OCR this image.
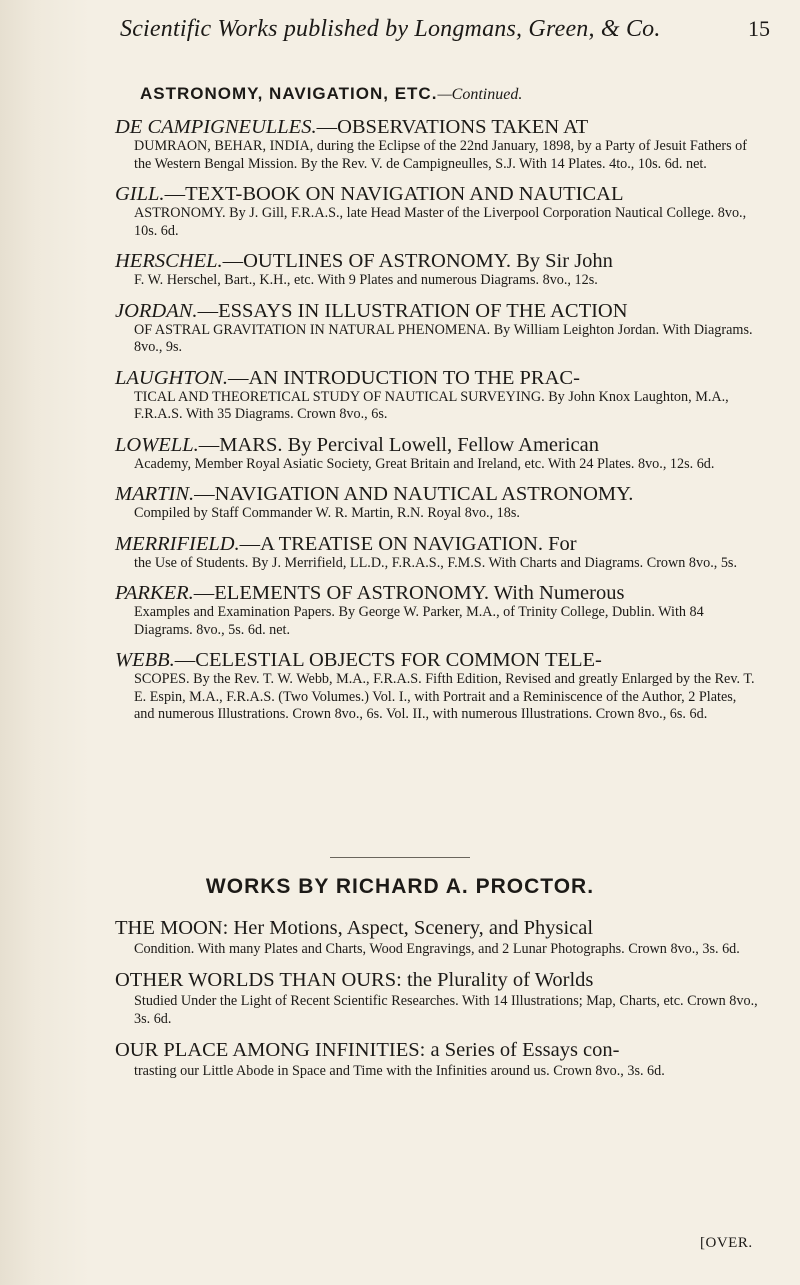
Scientific Works published by Longmans, Green, & Co.	15
ASTRONOMY, NAVIGATION, ETC.—Continued.
DE CAMPIGNEULLES.—OBSERVATIONS TAKEN AT
DUMRAON, BEHAR, INDIA, during the Eclipse of the 22nd January, 1898, by a Party of Jesuit Fathers of the Western Bengal Mission. By the Rev. V. de Campigneulles, S.J. With 14 Plates. 4to., 10s. 6d. net.
GILL.—TEXT-BOOK ON NAVIGATION AND NAUTICAL
ASTRONOMY. By J. Gill, F.R.A.S., late Head Master of the Liverpool Corporation Nautical College. 8vo., 10s. 6d.
HERSCHEL.—OUTLINES OF ASTRONOMY. By Sir John
F. W. Herschel, Bart., K.H., etc. With 9 Plates and numerous Diagrams. 8vo., 12s.
JORDAN.—ESSAYS IN ILLUSTRATION OF THE ACTION
OF ASTRAL GRAVITATION IN NATURAL PHENOMENA. By William Leighton Jordan. With Diagrams. 8vo., 9s.
LAUGHTON.—AN INTRODUCTION TO THE PRAC-
TICAL AND THEORETICAL STUDY OF NAUTICAL SURVEYING. By John Knox Laughton, M.A., F.R.A.S. With 35 Diagrams. Crown 8vo., 6s.
LOWELL.—MARS. By Percival Lowell, Fellow American
Academy, Member Royal Asiatic Society, Great Britain and Ireland, etc. With 24 Plates. 8vo., 12s. 6d.
MARTIN.—NAVIGATION AND NAUTICAL ASTRONOMY.
Compiled by Staff Commander W. R. Martin, R.N. Royal 8vo., 18s.
MERRIFIELD.—A TREATISE ON NAVIGATION. For
the Use of Students. By J. Merrifield, LL.D., F.R.A.S., F.M.S. With Charts and Diagrams. Crown 8vo., 5s.
PARKER.—ELEMENTS OF ASTRONOMY. With Numerous
Examples and Examination Papers. By George W. Parker, M.A., of Trinity College, Dublin. With 84 Diagrams. 8vo., 5s. 6d. net.
WEBB.—CELESTIAL OBJECTS FOR COMMON TELE-
SCOPES. By the Rev. T. W. Webb, M.A., F.R.A.S. Fifth Edition, Revised and greatly Enlarged by the Rev. T. E. Espin, M.A., F.R.A.S. (Two Volumes.) Vol. I., with Portrait and a Reminiscence of the Author, 2 Plates, and numerous Illustrations. Crown 8vo., 6s. Vol. II., with numerous Illustrations. Crown 8vo., 6s. 6d.
WORKS BY RICHARD A. PROCTOR.
THE MOON: Her Motions, Aspect, Scenery, and Physical
Condition. With many Plates and Charts, Wood Engravings, and 2 Lunar Photographs. Crown 8vo., 3s. 6d.
OTHER WORLDS THAN OURS: the Plurality of Worlds
Studied Under the Light of Recent Scientific Researches. With 14 Illustrations; Map, Charts, etc. Crown 8vo., 3s. 6d.
OUR PLACE AMONG INFINITIES: a Series of Essays con-
trasting our Little Abode in Space and Time with the Infinities around us. Crown 8vo., 3s. 6d.
[OVER.
